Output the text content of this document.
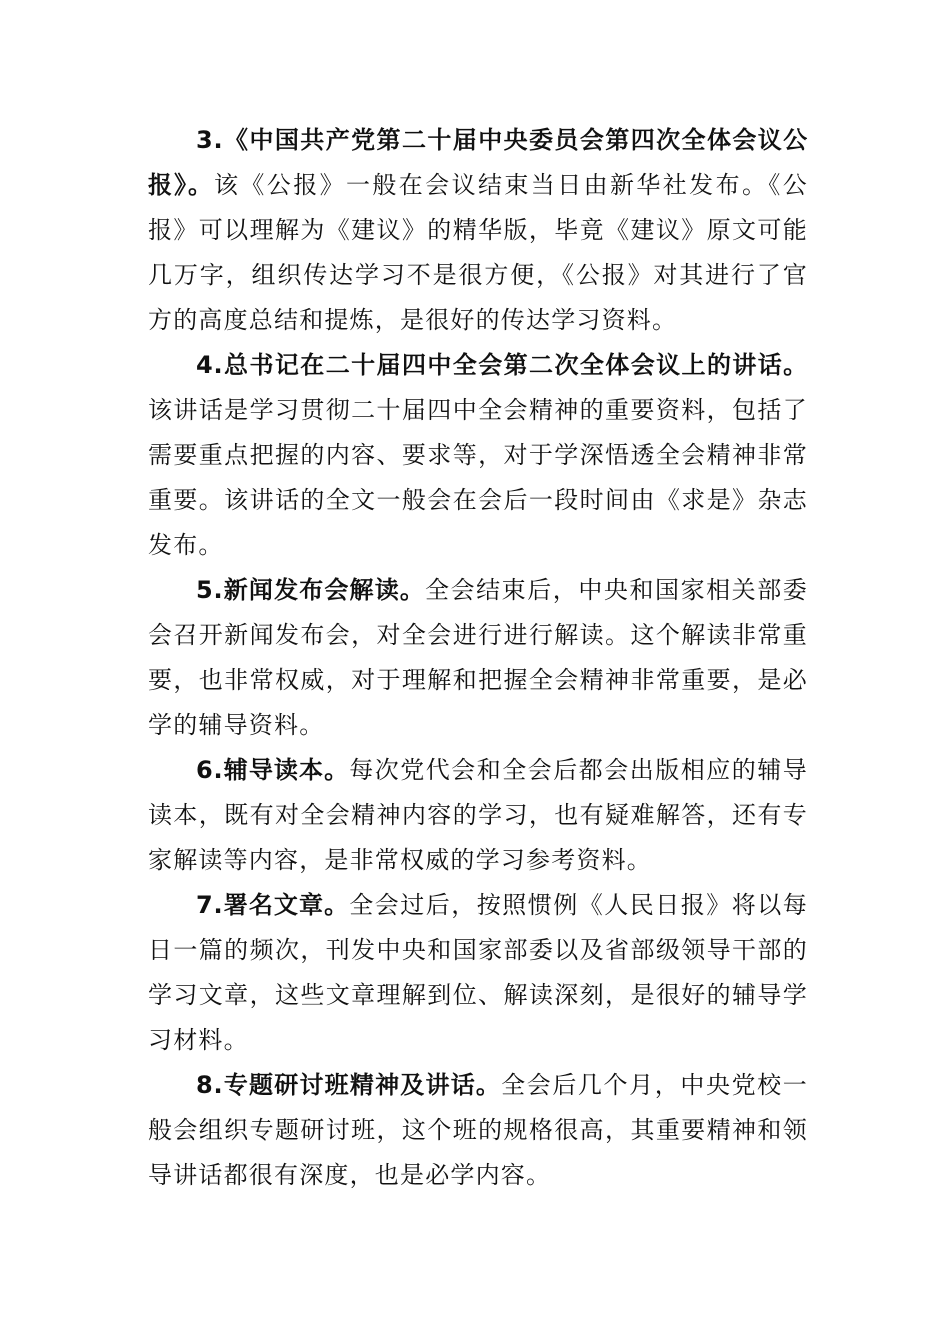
3.《中国共产党第二十届中央委员会第四次全体会议公报》。该《公报》一般在会议结束当日由新华社发布。《公报》可以理解为《建议》的精华版，毕竟《建议》原文可能几万字，组织传达学习不是很方便，《公报》对其进行了官方的高度总结和提炼，是很好的传达学习资料。

4.总书记在二十届四中全会第二次全体会议上的讲话。该讲话是学习贯彻二十届四中全会精神的重要资料，包括了需要重点把握的内容、要求等，对于学深悟透全会精神非常重要。该讲话的全文一般会在会后一段时间由《求是》杂志发布。

5.新闻发布会解读。全会结束后，中央和国家相关部委会召开新闻发布会，对全会进行进行解读。这个解读非常重要，也非常权威，对于理解和把握全会精神非常重要，是必学的辅导资料。

6.辅导读本。每次党代会和全会后都会出版相应的辅导读本，既有对全会精神内容的学习，也有疑难解答，还有专家解读等内容，是非常权威的学习参考资料。

7.署名文章。全会过后，按照惯例《人民日报》将以每日一篇的频次，刊发中央和国家部委以及省部级领导干部的学习文章，这些文章理解到位、解读深刻，是很好的辅导学习材料。

8.专题研讨班精神及讲话。全会后几个月，中央党校一般会组织专题研讨班，这个班的规格很高，其重要精神和领导讲话都很有深度，也是必学内容。
